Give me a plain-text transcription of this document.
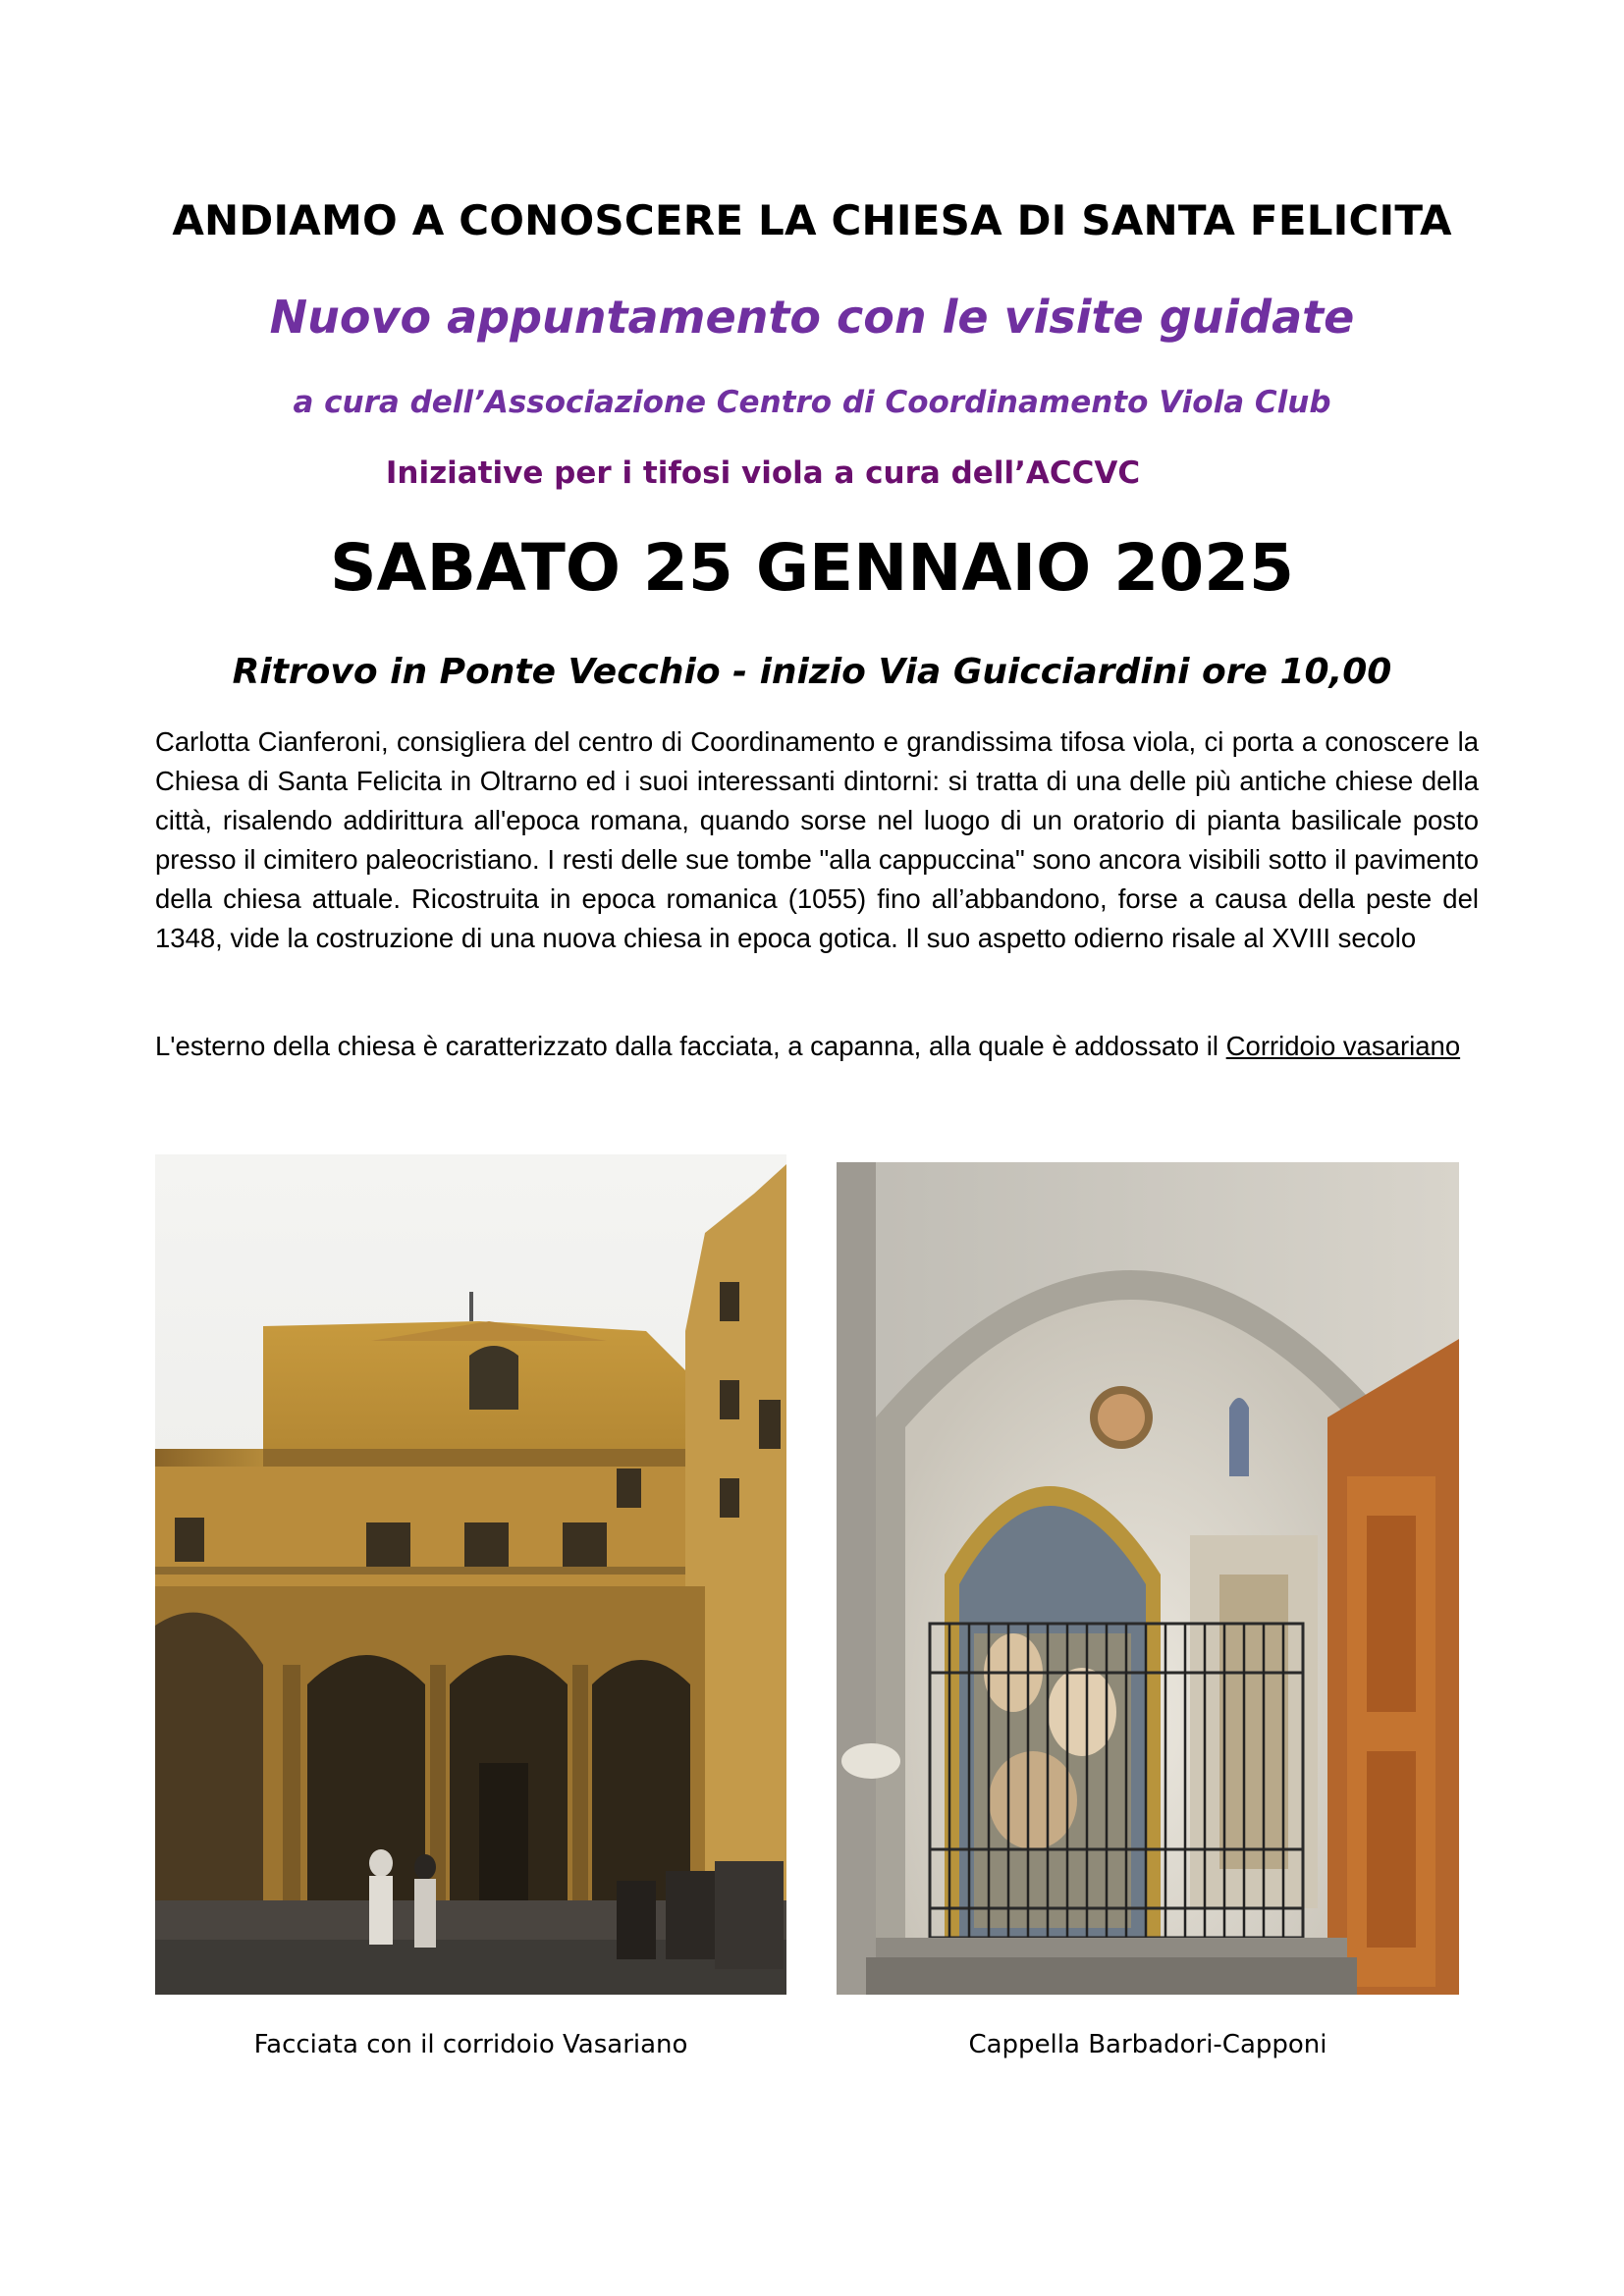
ANDIAMO A CONOSCERE LA CHIESA DI SANTA FELICITA
Nuovo appuntamento con le visite guidate
a cura dell’Associazione Centro di Coordinamento Viola Club
Iniziative per i tifosi viola a cura dell’ACCVC
SABATO 25 GENNAIO 2025
Ritrovo in Ponte Vecchio - inizio Via Guicciardini ore 10,00

Carlotta Cianferoni, consigliera del centro di Coordinamento e grandissima tifosa viola, ci porta a conoscere la Chiesa di Santa Felicita in Oltrarno ed i suoi interessanti dintorni: si tratta di una delle più antiche chiese della città, risalendo addirittura all'epoca romana, quando sorse nel luogo di un oratorio di pianta basilicale posto presso il cimitero paleocristiano. I resti delle sue tombe "alla cappuccina" sono ancora visibili sotto il pavimento della chiesa attuale. Ricostruita in epoca romanica (1055) fino all’abbandono, forse a causa della peste del 1348, vide la costruzione di una nuova chiesa in epoca gotica. Il suo aspetto odierno risale al XVIII secolo

L'esterno della chiesa è caratterizzato dalla facciata, a capanna, alla quale è addossato il Corridoio vasariano

Facciata con il corridoio Vasariano	Cappella Barbadori-Capponi
